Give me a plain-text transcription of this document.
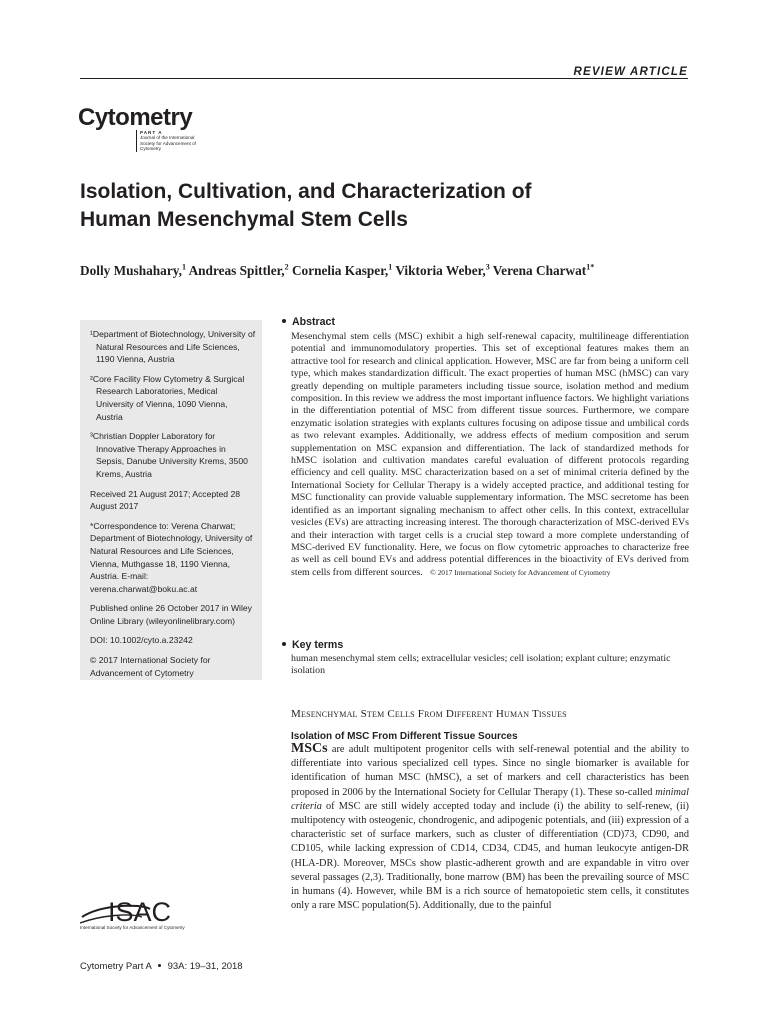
REVIEW ARTICLE
Cytometry
PART A
Journal of the International Society for Advancement of Cytometry
Isolation, Cultivation, and Characterization of
Human Mesenchymal Stem Cells
Dolly Mushahary,$^1$ Andreas Spittler,$^2$ Cornelia Kasper,$^1$ Viktoria Weber,$^3$ Verena Charwat$^{1*}$

¹Department of Biotechnology, University of Natural Resources and Life Sciences, 1190 Vienna, Austria

²Core Facility Flow Cytometry & Surgical Research Laboratories, Medical University of Vienna, 1090 Vienna, Austria

³Christian Doppler Laboratory for Innovative Therapy Approaches in Sepsis, Danube University Krems, 3500 Krems, Austria

Received 21 August 2017; Accepted 28 August 2017

*Correspondence to: Verena Charwat; Department of Biotechnology, University of Natural Resources and Life Sciences, Vienna, Muthgasse 18, 1190 Vienna, Austria. E-mail: verena.charwat@boku.ac.at

Published online 26 October 2017 in Wiley Online Library (wileyonlinelibrary.com)

DOI: 10.1002/cyto.a.23242

© 2017 International Society for Advancement of Cytometry

Abstract

Mesenchymal stem cells (MSC) exhibit a high self-renewal capacity, multilineage differentiation potential and immunomodulatory properties. This set of exceptional features makes them an attractive tool for research and clinical application. However, MSC are far from being a uniform cell type, which makes standardization difficult. The exact properties of human MSC (hMSC) can vary greatly depending on multiple parameters including tissue source, isolation method and medium composition. In this review we address the most important influence factors. We highlight variations in the differentiation potential of MSC from different tissue sources. Furthermore, we compare enzymatic isolation strategies with explants cultures focusing on adipose tissue and umbilical cords as two relevant examples. Additionally, we address effects of medium composition and serum supplementation on MSC expansion and differentiation. The lack of standardized methods for hMSC isolation and cultivation mandates careful evaluation of different protocols regarding efficiency and cell quality. MSC characterization based on a set of minimal criteria defined by the International Society for Cellular Therapy is a widely accepted practice, and additional testing for MSC functionality can provide valuable supplementary information. The MSC secretome has been identified as an important signaling mechanism to affect other cells. In this context, extracellular vesicles (EVs) are attracting increasing interest. The thorough characterization of MSC-derived EVs and their interaction with target cells is a crucial step toward a more complete understanding of MSC-derived EV functionality. Here, we focus on flow cytometric approaches to characterize free as well as cell bound EVs and address potential differences in the bioactivity of EVs derived from stem cells from different sources. © 2017 International Society for Advancement of Cytometry

Key terms

human mesenchymal stem cells; extracellular vesicles; cell isolation; explant culture; enzymatic isolation

Mesenchymal Stem Cells From Different Human Tissues
Isolation of MSC From Different Tissue Sources

MSCs are adult multipotent progenitor cells with self-renewal potential and the ability to differentiate into various specialized cell types. Since no single biomarker is available for identification of human MSC (hMSC), a set of markers and cell characteristics has been proposed in 2006 by the International Society for Cellular Therapy (1). These so-called minimal criteria of MSC are still widely accepted today and include (i) the ability to self-renew, (ii) multipotency with osteogenic, chondrogenic, and adipogenic potentials, and (iii) expression of a characteristic set of surface markers, such as cluster of differentiation (CD)73, CD90, and CD105, while lacking expression of CD14, CD34, CD45, and human leukocyte antigen-DR (HLA-DR). Moreover, MSCs show plastic-adherent growth and are expandable in vitro over several passages (2,3). Traditionally, bone marrow (BM) has been the prevailing source of MSC in humans (4). However, while BM is a rich source of hematopoietic stem cells, it constitutes only a rare MSC population(5). Additionally, due to the painful

ISAC
International Society for Advancement of Cytometry
Cytometry Part A 93A: 19–31, 2018
